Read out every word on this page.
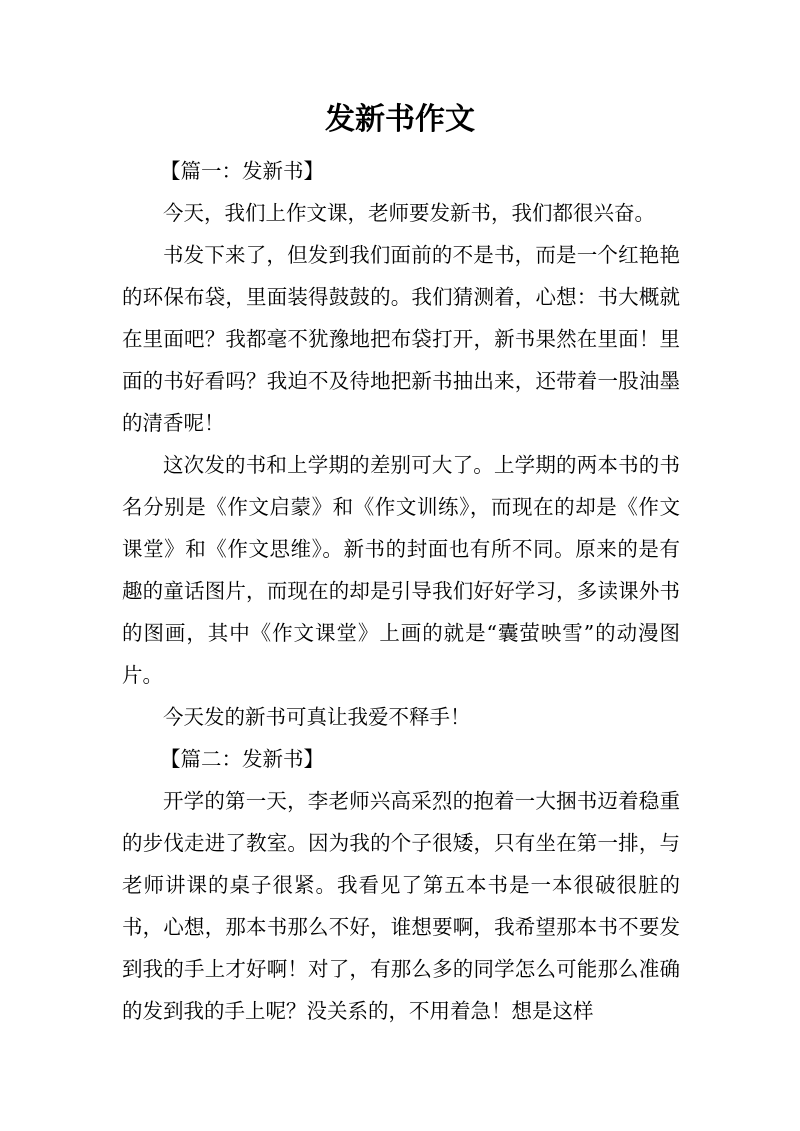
发新书作文

【篇一：发新书】

今天，我们上作文课，老师要发新书，我们都很兴奋。

书发下来了，但发到我们面前的不是书，而是一个红艳艳的环保布袋，里面装得鼓鼓的。我们猜测着，心想：书大概就在里面吧？我都毫不犹豫地把布袋打开，新书果然在里面！里面的书好看吗？我迫不及待地把新书抽出来，还带着一股油墨的清香呢！

这次发的书和上学期的差别可大了。上学期的两本书的书名分别是《作文启蒙》和《作文训练》，而现在的却是《作文课堂》和《作文思维》。新书的封面也有所不同。原来的是有趣的童话图片，而现在的却是引导我们好好学习，多读课外书的图画，其中《作文课堂》上画的就是“囊萤映雪”的动漫图片。

今天发的新书可真让我爱不释手！

【篇二：发新书】

开学的第一天，李老师兴高采烈的抱着一大捆书迈着稳重的步伐走进了教室。因为我的个子很矮，只有坐在第一排，与老师讲课的桌子很紧。我看见了第五本书是一本很破很脏的书，心想，那本书那么不好，谁想要啊，我希望那本书不要发到我的手上才好啊！对了，有那么多的同学怎么可能那么准确的发到我的手上呢？没关系的，不用着急！想是这样
